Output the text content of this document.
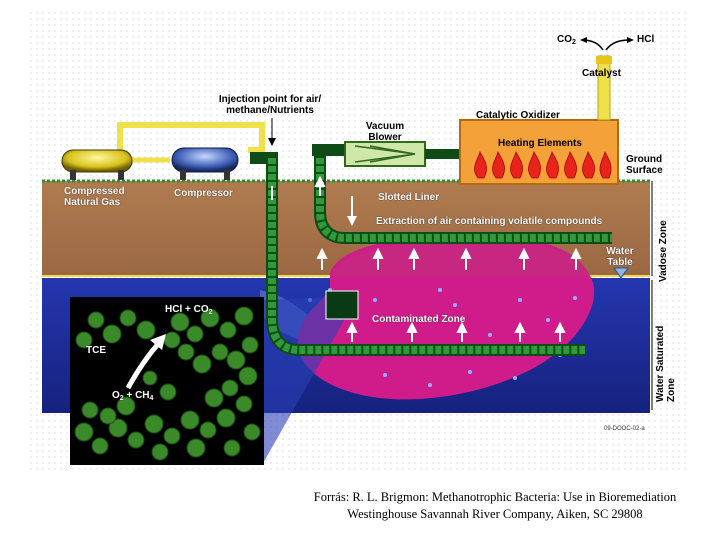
$CO_2$	HCl
Catalyst
Injection point for air/ methane/Nutrients	Catalytic Oxidizer
Vacuum Blower
Heating Elements
Ground Surface
Compressed Natural Gas
Compressor	Slotted Liner
Extraction of air containing volatile compounds
Water Table	Vadose Zone
Contaminated Zone
Water Saturated Zone
HCl + $CO_2$
TCE
$O_2 + CH_4$
09-DOOC-02-a
Forrás: R. L. Brigmon: Methanotrophic Bacteria: Use in Bioremediation
Westinghouse Savannah River Company, Aiken, SC 29808
